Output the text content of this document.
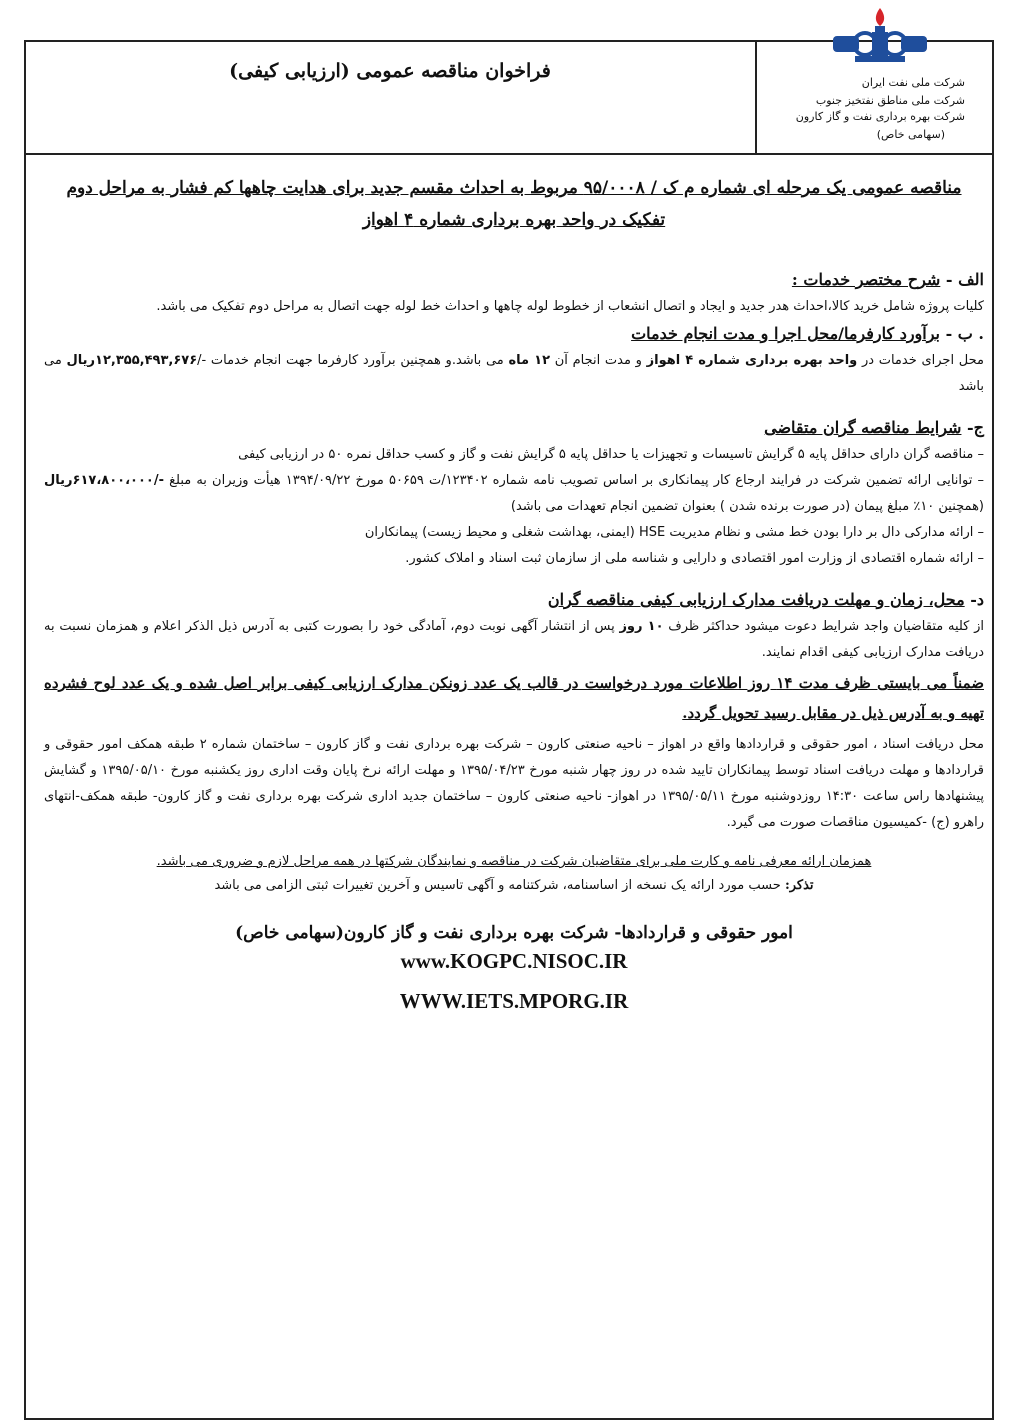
فراخوان مناقصه عمومی (ارزیابی کیفی)
شرکت ملی نفت ایران
شرکت ملی مناطق نفتخیز جنوب
شرکت بهره برداری نفت و گاز کارون
(سهامی خاص)

مناقصه عمومی یک مرحله ای شماره م ک / ۹۵/۰۰۰۸ مربوط به احداث مقسم جدید برای هدایت چاهها کم فشار به مراحل دوم تفکیک در واحد بهره برداری شماره ۴ اهواز

الف - شرح مختصر خدمات :

کلیات پروژه شامل خرید کالا،احداث هدر جدید و ایجاد و اتصال انشعاب از خطوط لوله چاهها و احداث خط لوله جهت اتصال به مراحل دوم تفکیک می باشد.

. ب - برآورد کارفرما/محل اجرا و مدت انجام خدمات

محل اجرای خدمات در واحد بهره برداری شماره ۴ اهواز و مدت انجام آن ۱۲ ماه می باشد.و همچنین برآورد کارفرما جهت انجام خدمات -/۱۲,۳۵۵,۴۹۳,۶۷۶ریال می باشد

ج- شرایط مناقصه گران متقاضی

– مناقصه گران دارای حداقل پایه ۵ گرایش تاسیسات و تجهیزات یا حداقل پایه ۵ گرایش نفت و گاز و کسب حداقل نمره ۵۰ در ارزیابی کیفی
– توانایی ارائه تضمین شرکت در فرایند ارجاع کار پیمانکاری بر اساس تصویب نامه شماره ۱۲۳۴۰۲/ت ۵۰۶۵۹ مورخ ۱۳۹۴/۰۹/۲۲ هیأت وزیران به مبلغ -/۶۱۷،۸۰۰،۰۰۰ریال (همچنین ۱۰٪ مبلغ پیمان (در صورت برنده شدن ) بعنوان تضمین انجام تعهدات می باشد)
– ارائه مدارکی دال بر دارا بودن خط مشی و نظام مدیریت HSE (ایمنی، بهداشت شغلی و محیط زیست) پیمانکاران
– ارائه شماره اقتصادی از وزارت امور اقتصادی و دارایی و شناسه ملی از سازمان ثبت اسناد و املاک کشور.

د- محل، زمان و مهلت دریافت مدارک ارزیابی کیفی مناقصه گران

از کلیه متقاضیان واجد شرایط دعوت میشود حداکثر ظرف ۱۰ روز پس از انتشار آگهی نوبت دوم، آمادگی خود را بصورت کتبی به آدرس ذیل الذکر اعلام و همزمان نسبت به دریافت مدارک ارزیابی کیفی اقدام نمایند.

ضمناً می بایستی ظرف مدت ۱۴ روز اطلاعات مورد درخواست در قالب یک عدد زونکن مدارک ارزیابی کیفی برابر اصل شده و یک عدد لوح فشرده تهیه و به آدرس ذیل در مقابل رسید تحویل گردد.

محل دریافت اسناد ، امور حقوقی و قراردادها واقع در اهواز – ناحیه صنعتی کارون – شرکت بهره برداری نفت و گاز کارون – ساختمان شماره ۲ طبقه همکف امور حقوقی و قراردادها و مهلت دریافت اسناد توسط پیمانکاران تایید شده در روز چهار شنبه مورخ ۱۳۹۵/۰۴/۲۳ و مهلت ارائه نرخ پایان وقت اداری روز یکشنبه مورخ ۱۳۹۵/۰۵/۱۰ و گشایش پیشنهادها راس ساعت ۱۴:۳۰ روزدوشنبه مورخ ۱۳۹۵/۰۵/۱۱ در اهواز- ناحیه صنعتی کارون – ساختمان جدید اداری شرکت بهره برداری نفت و گاز کارون- طبقه همکف-انتهای راهرو (ج) -کمیسیون مناقصات صورت می گیرد.

همزمان ارائه معرفی نامه و کارت ملی برای متقاضیان شرکت در مناقصه و نمایندگان شرکتها در همه مراحل لازم و ضروری می باشد.

تذکر: حسب مورد ارائه یک نسخه از اساسنامه، شرکتنامه و آگهی تاسیس و آخرین تغییرات ثبتی الزامی می باشد

امور حقوقی و قراردادها- شرکت بهره برداری نفت و گاز کارون(سهامی خاص)

www.KOGPC.NISOC.IR

WWW.IETS.MPORG.IR
